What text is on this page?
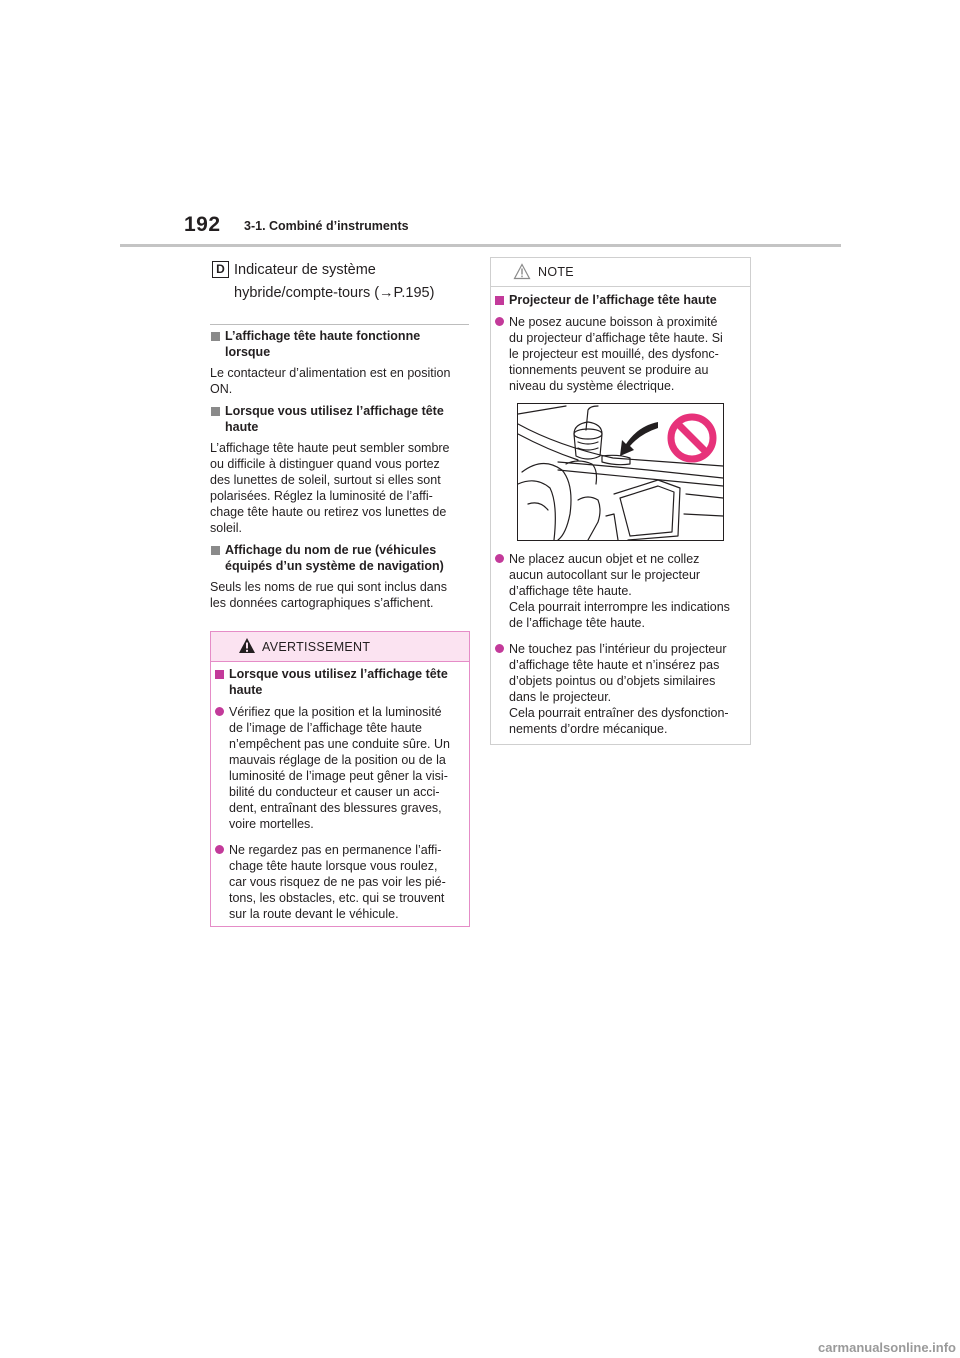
192 3-1. Combiné d’instruments
D Indicateur de système
hybride/compte-tours (→P.195)
L’affichage tête haute fonctionne
lorsque
Le contacteur d’alimentation est en position
ON.
Lorsque vous utilisez l’affichage tête
haute
L’affichage tête haute peut sembler sombre
ou difficile à distinguer quand vous portez
des lunettes de soleil, surtout si elles sont
polarisées. Réglez la luminosité de l’affi-
chage tête haute ou retirez vos lunettes de
soleil.
Affichage du nom de rue (véhicules
équipés d’un système de navigation)
Seuls les noms de rue qui sont inclus dans
les données cartographiques s’affichent.
AVERTISSEMENT
Lorsque vous utilisez l’affichage tête
haute
Vérifiez que la position et la luminosité
de l’image de l’affichage tête haute
n’empêchent pas une conduite sûre. Un
mauvais réglage de la position ou de la
luminosité de l’image peut gêner la visi-
bilité du conducteur et causer un acci-
dent, entraînant des blessures graves,
voire mortelles.
Ne regardez pas en permanence l’affi-
chage tête haute lorsque vous roulez,
car vous risquez de ne pas voir les pié-
tons, les obstacles, etc. qui se trouvent
sur la route devant le véhicule.
NOTE
Projecteur de l’affichage tête haute
Ne posez aucune boisson à proximité
du projecteur d’affichage tête haute. Si
le projecteur est mouillé, des dysfonc-
tionnements peuvent se produire au
niveau du système électrique.
Ne placez aucun objet et ne collez
aucun autocollant sur le projecteur
d’affichage tête haute.
Cela pourrait interrompre les indications
de l’affichage tête haute.
Ne touchez pas l’intérieur du projecteur
d’affichage tête haute et n’insérez pas
d’objets pointus ou d’objets similaires
dans le projecteur.
Cela pourrait entraîner des dysfonction-
nements d’ordre mécanique.
carmanualsonline.info
